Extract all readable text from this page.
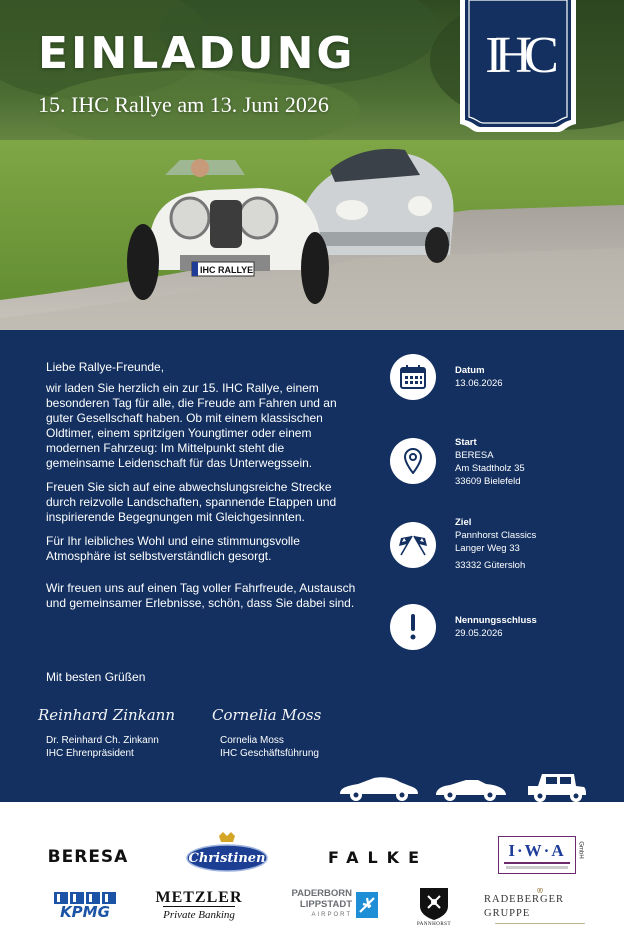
IHC RALLYE
EINLADUNG
15. IHC Rallye am 13. Juni 2026
IHC

Liebe Rallye-Freunde,

wir laden Sie herzlich ein zur 15. IHC Rallye, einem besonderen Tag für alle, die Freude am Fahren und an guter Gesellschaft haben. Ob mit einem klassischen Oldtimer, einem spritzigen Youngtimer oder einem modernen Fahrzeug: Im Mittelpunkt steht die gemeinsame Leidenschaft für das Unterwegssein.

Freuen Sie sich auf eine abwechslungsreiche Strecke durch reizvolle Landschaften, spannende Etappen und inspirierende Begegnungen mit Gleichgesinnten.

Für Ihr leibliches Wohl und eine stimmungsvolle Atmosphäre ist selbstverständlich gesorgt.

Wir freuen uns auf einen Tag voller Fahrfreude, Austausch und gemeinsamer Erlebnisse, schön, dass Sie dabei sind.

Mit besten Grüßen
Reinhard Zinkann
Dr. Reinhard Ch. Zinkann
IHC Ehrenpräsident
Cornelia Moss
Cornelia Moss
IHC Geschäftsführung
Datum
13.06.2026
Start
BERESA
Am Stadtholz 35
33609 Bielefeld
Ziel
Pannhorst Classics
Langer Weg 33
33332 Gütersloh
Nennungsschluss
29.05.2026
BERESA	Christinen	FALKE	I·W·A GmbH
KPMG
METZLER
Private Banking
PADERBORN
LIPPSTADT
AIRPORT
PANNHORST
RADEBERGER GRUPPE
